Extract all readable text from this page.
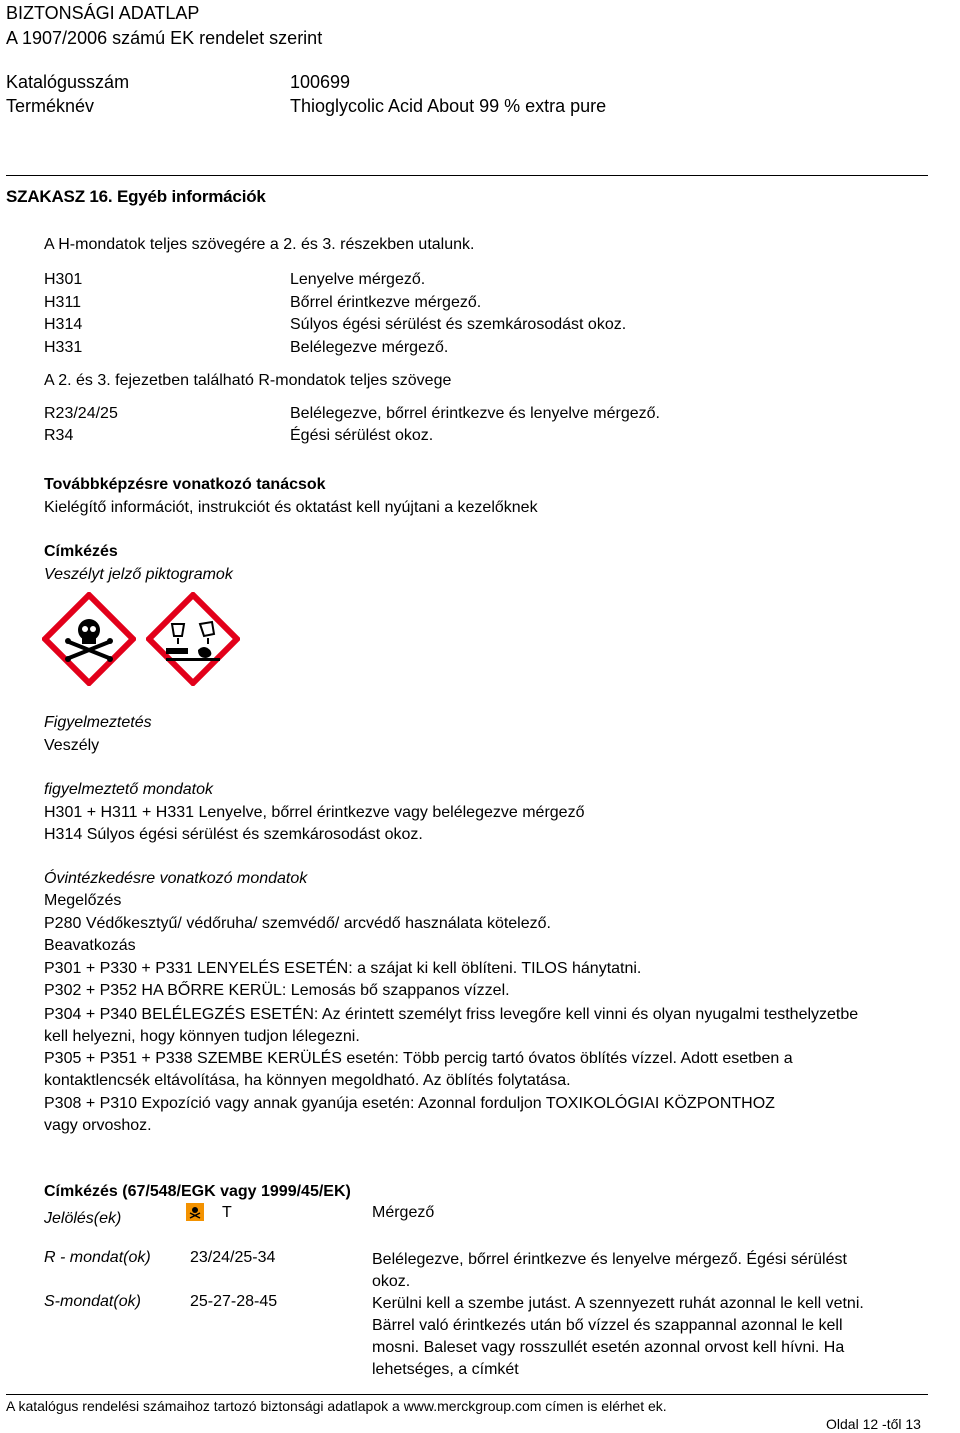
BIZTONSÁGI ADATLAP
A 1907/2006 számú EK rendelet szerint
Katalógusszám	100699
Terméknév	Thioglycolic Acid About 99 % extra pure
SZAKASZ 16. Egyéb információk
A H-mondatok teljes szövegére a 2. és 3. részekben utalunk.
H301	Lenyelve mérgező.
H311	Bőrrel érintkezve mérgező.
H314	Súlyos égési sérülést és szemkárosodást okoz.
H331	Belélegezve mérgező.
A 2. és 3. fejezetben található R-mondatok teljes szövege
R23/24/25	Belélegezve, bőrrel érintkezve és lenyelve mérgező.
R34	Égési sérülést okoz.
Továbbképzésre vonatkozó tanácsok
Kielégítő információt, instrukciót és oktatást kell nyújtani a kezelőknek
Címkézés
Veszélyt jelző piktogramok
Figyelmeztetés
Veszély
figyelmeztető mondatok
H301 + H311 + H331 Lenyelve, bőrrel érintkezve vagy belélegezve mérgező
H314 Súlyos égési sérülést és szemkárosodást okoz.
Óvintézkedésre vonatkozó mondatok
Megelőzés
P280 Védőkesztyű/ védőruha/ szemvédő/ arcvédő használata kötelező.
Beavatkozás
P301 + P330 + P331 LENYELÉS ESETÉN: a szájat ki kell öblíteni. TILOS hánytatni.
P302 + P352 HA BŐRRE KERÜL: Lemosás bő szappanos vízzel.
P304 + P340 BELÉLEGZÉS ESETÉN: Az érintett személyt friss levegőre kell vinni és olyan nyugalmi testhelyzetbe kell helyezni, hogy könnyen tudjon lélegezni.
P305 + P351 + P338 SZEMBE KERÜLÉS esetén: Több percig tartó óvatos öblítés vízzel. Adott esetben a kontaktlencsék eltávolítása, ha könnyen megoldható. Az öblítés folytatása.
P308 + P310 Expozíció vagy annak gyanúja esetén: Azonnal forduljon TOXIKOLÓGIAI KÖZPONTHOZ vagy orvoshoz.
Címkézés (67/548/EGK vagy 1999/45/EK)
Jelölés(ek)	T	Mérgező
R - mondat(ok) 23/24/25-34	Belélegezve, bőrrel érintkezve és lenyelve mérgező. Égési sérülést okoz.
S-mondat(ok)	25-27-28-45	Kerülni kell a szembe jutást. A szennyezett ruhát azonnal le kell vetni. Bärrel való érintkezés után bő vízzel és szappannal azonnal le kell mosni. Baleset vagy rosszullét esetén azonnal orvost kell hívni. Ha lehetséges, a címkét
A katalógus rendelési számaihoz tartozó biztonsági adatlapok a www.merckgroup.com címen is elérhet ek.
Oldal 12 -től 13
